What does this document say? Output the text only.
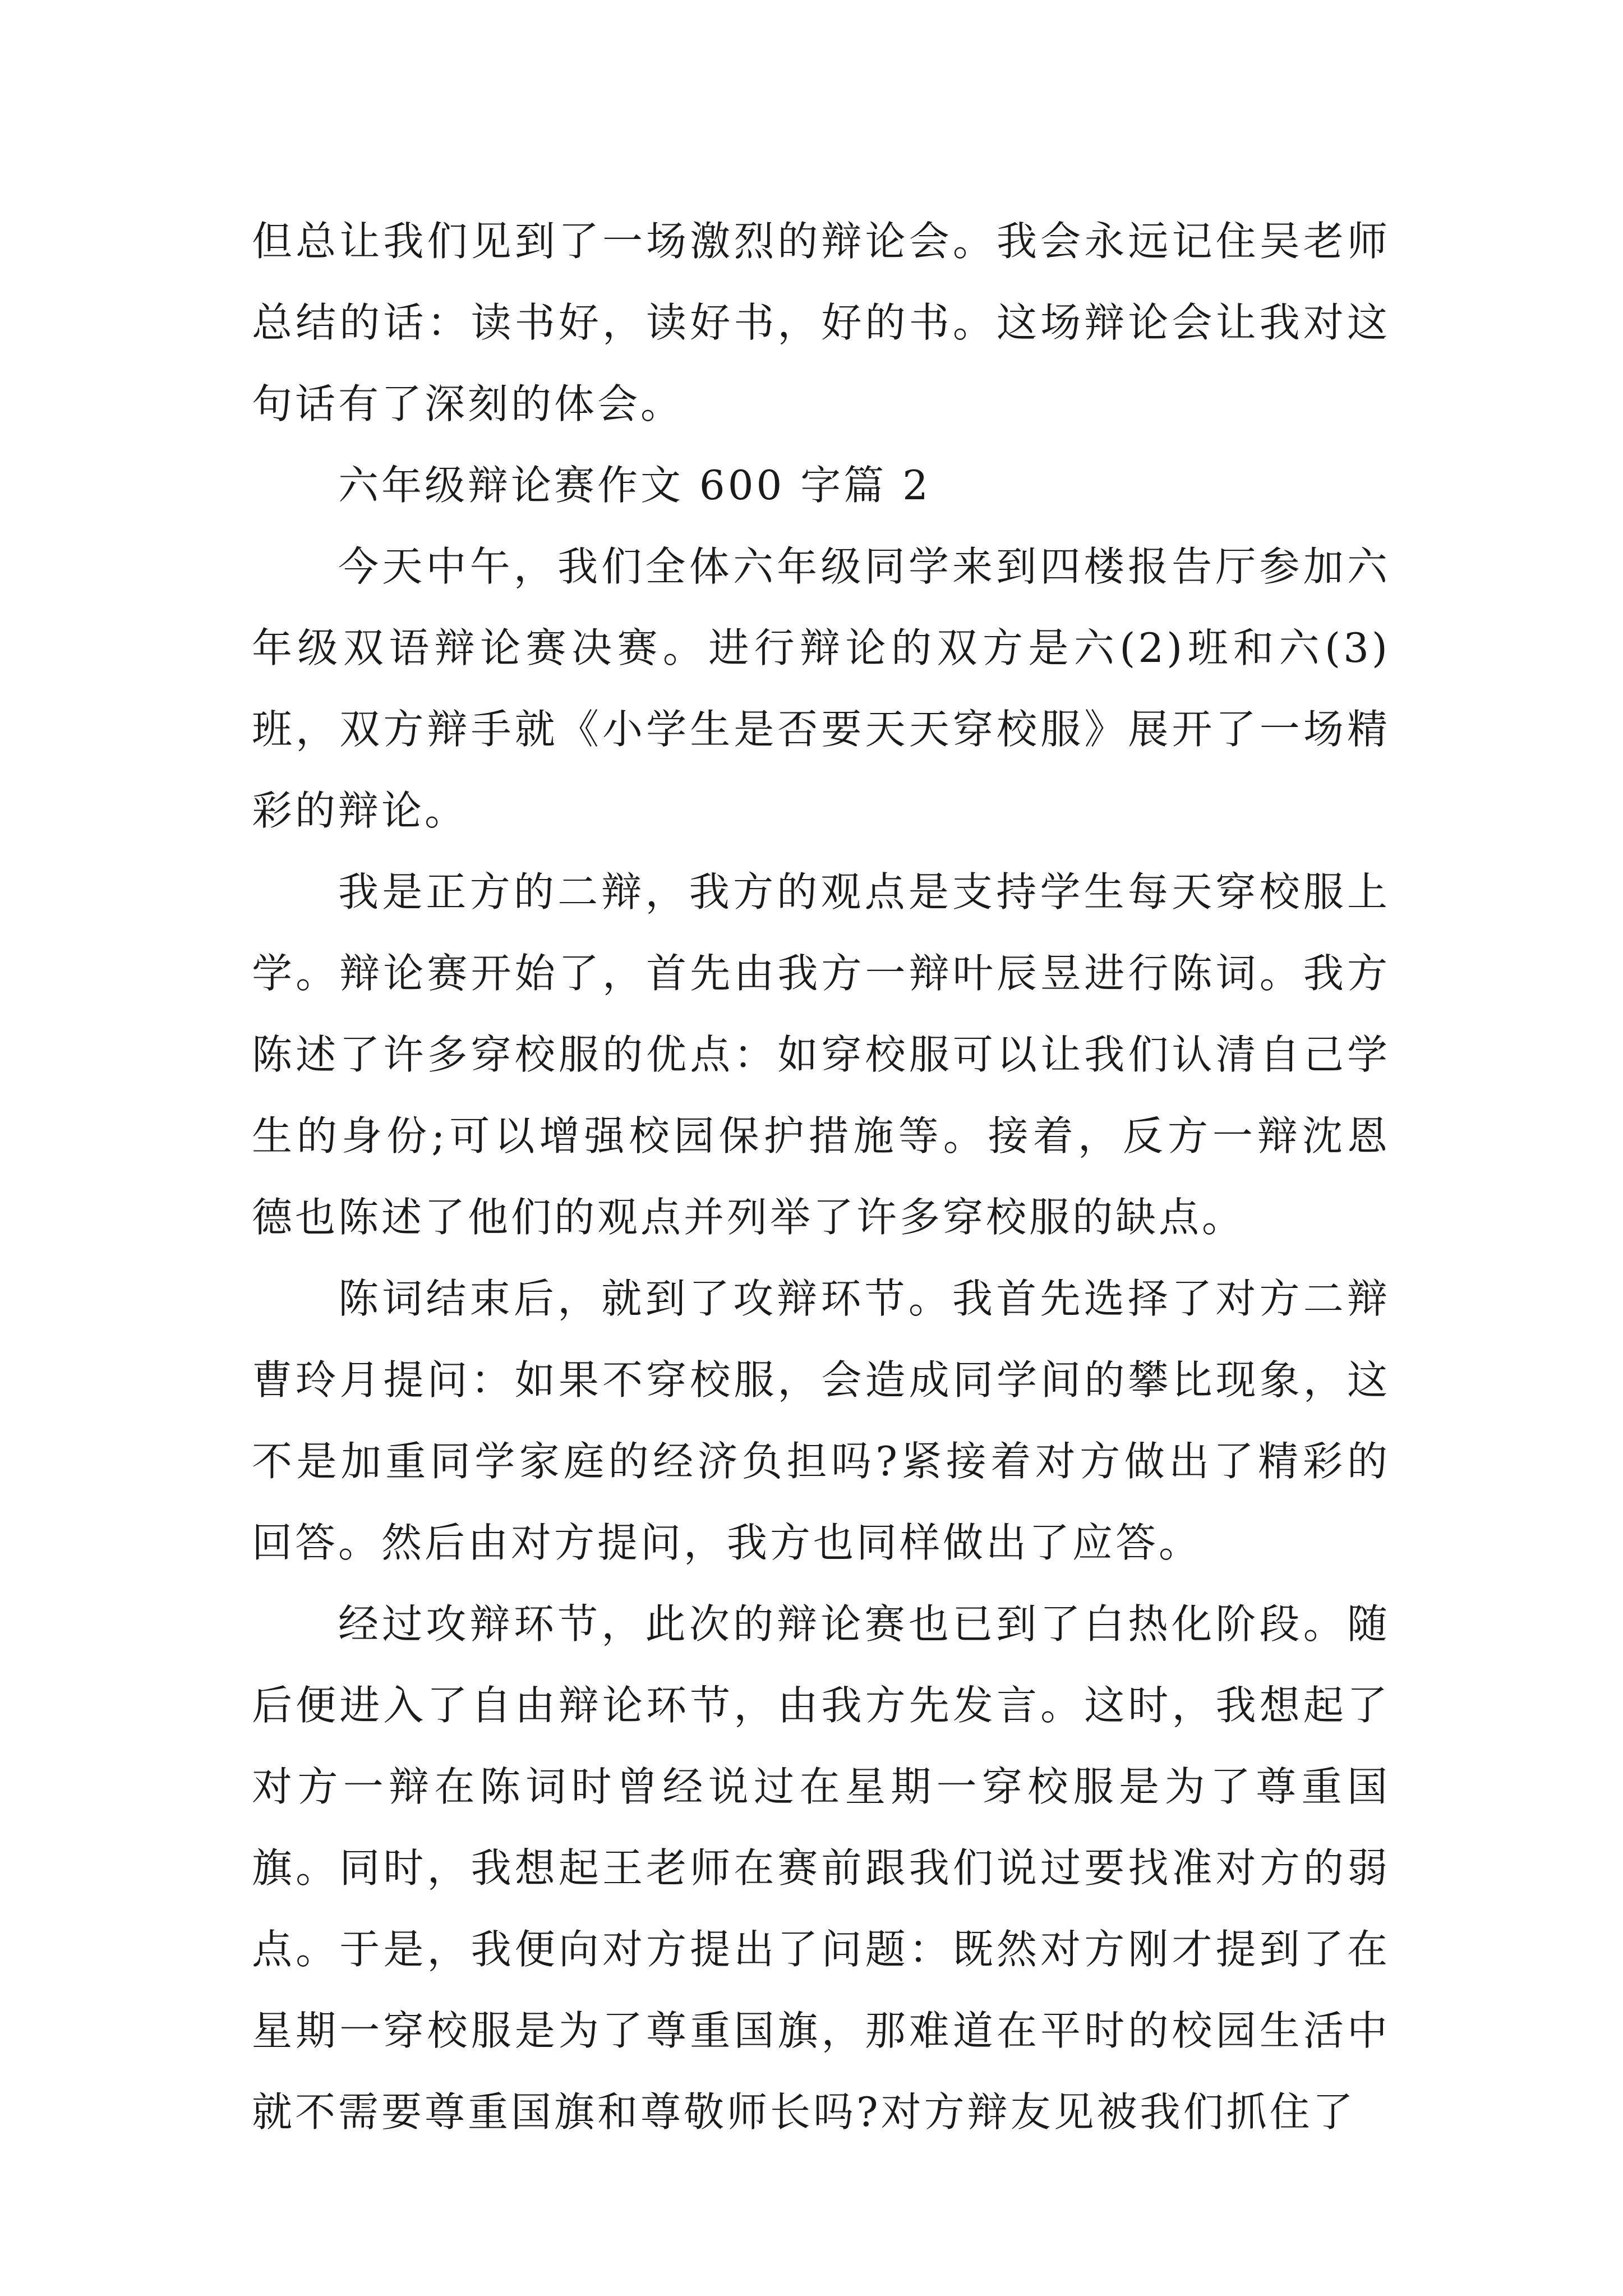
但总让我们见到了一场激烈的辩论会。我会永远记住吴老师总结的话：读书好，读好书，好的书。这场辩论会让我对这句话有了深刻的体会。

六年级辩论赛作文 600 字篇 2

今天中午，我们全体六年级同学来到四楼报告厅参加六年级双语辩论赛决赛。进行辩论的双方是六(2)班和六(3)班，双方辩手就《小学生是否要天天穿校服》展开了一场精彩的辩论。

我是正方的二辩，我方的观点是支持学生每天穿校服上学。辩论赛开始了，首先由我方一辩叶辰昱进行陈词。我方陈述了许多穿校服的优点：如穿校服可以让我们认清自己学生的身份;可以增强校园保护措施等。接着，反方一辩沈恩德也陈述了他们的观点并列举了许多穿校服的缺点。

陈词结束后，就到了攻辩环节。我首先选择了对方二辩曹玲月提问：如果不穿校服，会造成同学间的攀比现象，这不是加重同学家庭的经济负担吗?紧接着对方做出了精彩的回答。然后由对方提问，我方也同样做出了应答。

经过攻辩环节，此次的辩论赛也已到了白热化阶段。随后便进入了自由辩论环节，由我方先发言。这时，我想起了对方一辩在陈词时曾经说过在星期一穿校服是为了尊重国旗。同时，我想起王老师在赛前跟我们说过要找准对方的弱点。于是，我便向对方提出了问题：既然对方刚才提到了在星期一穿校服是为了尊重国旗，那难道在平时的校园生活中就不需要尊重国旗和尊敬师长吗?对方辩友见被我们抓住了
